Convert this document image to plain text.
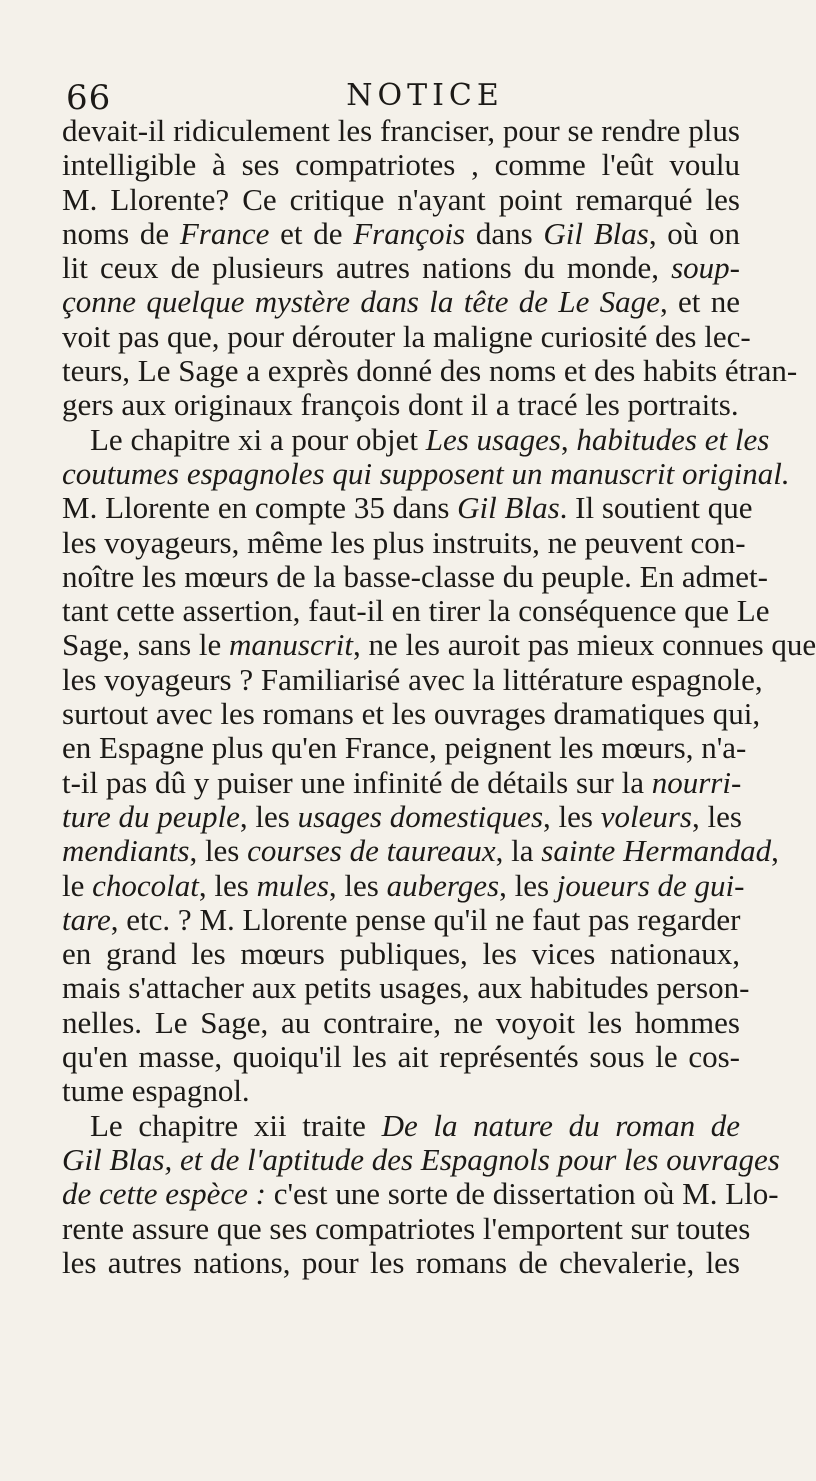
66	NOTICE
devait-il ridiculement les franciser, pour se rendre plus
intelligible à ses compatriotes , comme l'eût voulu
M. Llorente? Ce critique n'ayant point remarqué les
noms de France et de François dans Gil Blas, où on
lit ceux de plusieurs autres nations du monde, soup-
çonne quelque mystère dans la tête de Le Sage, et ne
voit pas que, pour dérouter la maligne curiosité des lec-
teurs, Le Sage a exprès donné des noms et des habits étran-
gers aux originaux françois dont il a tracé les portraits.
Le chapitre xi a pour objet Les usages, habitudes et les
coutumes espagnoles qui supposent un manuscrit original.
M. Llorente en compte 35 dans Gil Blas. Il soutient que
les voyageurs, même les plus instruits, ne peuvent con-
noître les mœurs de la basse-classe du peuple. En admet-
tant cette assertion, faut-il en tirer la conséquence que Le
Sage, sans le manuscrit, ne les auroit pas mieux connues que
les voyageurs ? Familiarisé avec la littérature espagnole,
surtout avec les romans et les ouvrages dramatiques qui,
en Espagne plus qu'en France, peignent les mœurs, n'a-
t-il pas dû y puiser une infinité de détails sur la nourri-
ture du peuple, les usages domestiques, les voleurs, les
mendiants, les courses de taureaux, la sainte Hermandad,
le chocolat, les mules, les auberges, les joueurs de gui-
tare, etc. ? M. Llorente pense qu'il ne faut pas regarder
en grand les mœurs publiques, les vices nationaux,
mais s'attacher aux petits usages, aux habitudes person-
nelles. Le Sage, au contraire, ne voyoit les hommes
qu'en masse, quoiqu'il les ait représentés sous le cos-
tume espagnol.
Le chapitre xii traite De la nature du roman de
Gil Blas, et de l'aptitude des Espagnols pour les ouvrages
de cette espèce : c'est une sorte de dissertation où M. Llo-
rente assure que ses compatriotes l'emportent sur toutes
les autres nations, pour les romans de chevalerie, les
